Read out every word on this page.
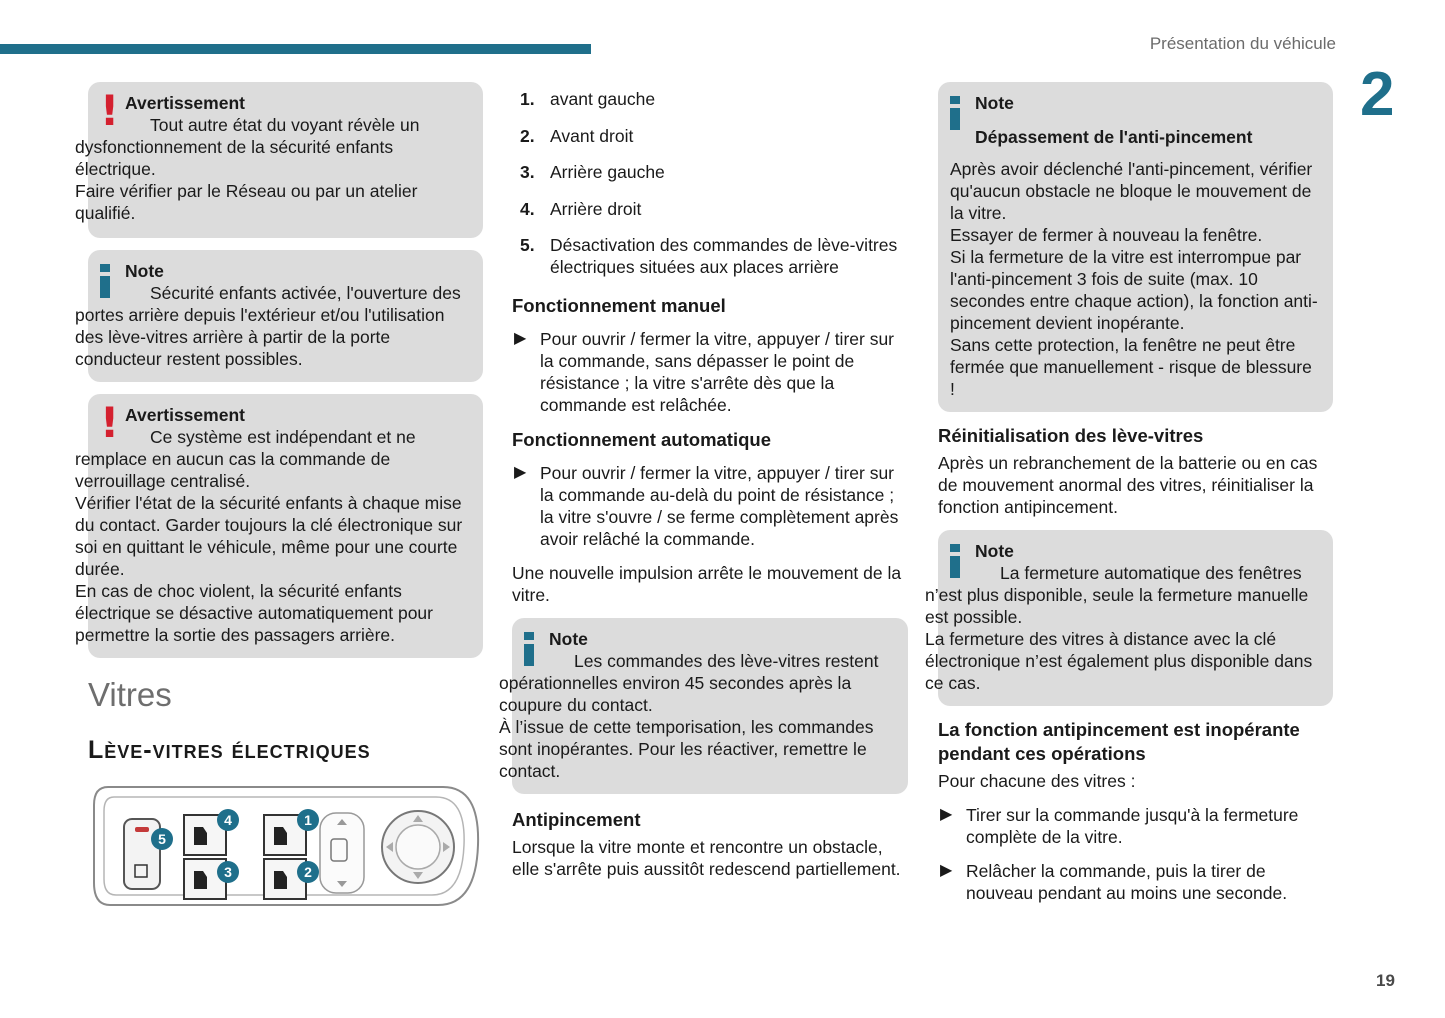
Présentation du véhicule
2
! Avertissement

Tout autre état du voyant révèle un dysfonctionnement de la sécurité enfants électrique.
Faire vérifier par le Réseau ou par un atelier qualifié.

Note

Sécurité enfants activée, l'ouverture des portes arrière depuis l'extérieur et/ou l'utilisation des lève-vitres arrière à partir de la porte conducteur restent possibles.

! Avertissement

Ce système est indépendant et ne remplace en aucun cas la commande de verrouillage centralisé.
Vérifier l'état de la sécurité enfants à chaque mise du contact. Garder toujours la clé électronique sur soi en quittant le véhicule, même pour une courte durée.
En cas de choc violent, la sécurité enfants électrique se désactive automatiquement pour permettre la sortie des passagers arrière.

Vitres
Lève-vitres électriques
5
4
3
1
2
1. avant gauche
2. Avant droit
3. Arrière gauche
4. Arrière droit
5. Désactivation des commandes de lève-vitres électriques situées aux places arrière
Fonctionnement manuel
▶ Pour ouvrir / fermer la vitre, appuyer / tirer sur la commande, sans dépasser le point de résistance ; la vitre s'arrête dès que la commande est relâchée.
Fonctionnement automatique
▶ Pour ouvrir / fermer la vitre, appuyer / tirer sur la commande au-delà du point de résistance ; la vitre s'ouvre / se ferme complètement après avoir relâché la commande.

Une nouvelle impulsion arrête le mouvement de la vitre.

Note

Les commandes des lève-vitres restent opérationnelles environ 45 secondes après la coupure du contact.
À l’issue de cette temporisation, les commandes sont inopérantes. Pour les réactiver, remettre le contact.

Antipincement

Lorsque la vitre monte et rencontre un obstacle, elle s'arrête puis aussitôt redescend partiellement.

Note
Dépassement de l'anti-pincement

Après avoir déclenché l'anti-pincement, vérifier qu'aucun obstacle ne bloque le mouvement de la vitre.
Essayer de fermer à nouveau la fenêtre.
Si la fermeture de la vitre est interrompue par l'anti-pincement 3 fois de suite (max. 10 secondes entre chaque action), la fonction anti-pincement devient inopérante.
Sans cette protection, la fenêtre ne peut être fermée que manuellement - risque de blessure !

Réinitialisation des lève-vitres

Après un rebranchement de la batterie ou en cas de mouvement anormal des vitres, réinitialiser la fonction antipincement.

Note

La fermeture automatique des fenêtres n’est plus disponible, seule la fermeture manuelle est possible.
La fermeture des vitres à distance avec la clé électronique n’est également plus disponible dans ce cas.

La fonction antipincement est inopérante pendant ces opérations

Pour chacune des vitres :

▶ Tirer sur la commande jusqu'à la fermeture complète de la vitre.
▶ Relâcher la commande, puis la tirer de nouveau pendant au moins une seconde.
19
